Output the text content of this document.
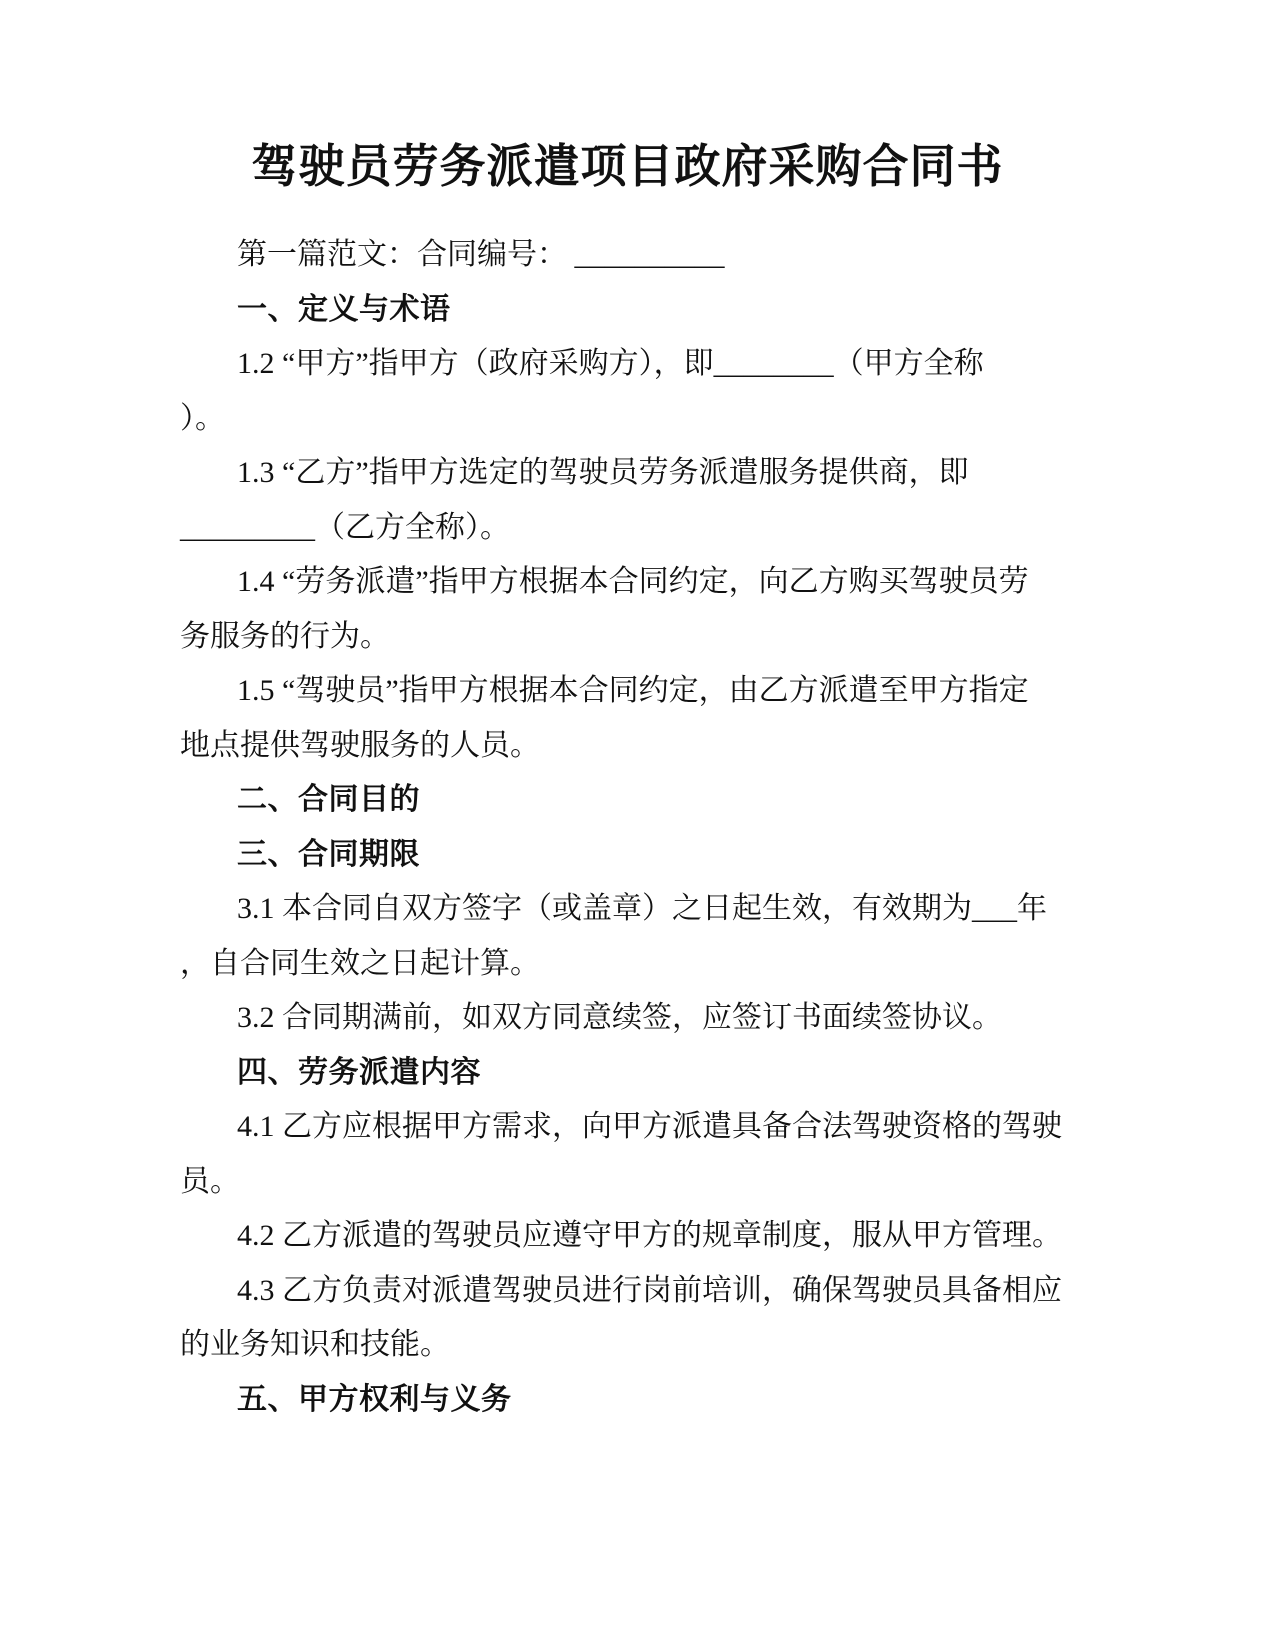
驾驶员劳务派遣项目政府采购合同书
第一篇范文：合同编号： __________
一、定义与术语
1.2 “甲方”指甲方（政府采购方），即________（甲方全称
）。
1.3 “乙方”指甲方选定的驾驶员劳务派遣服务提供商，即
_________（乙方全称）。
1.4 “劳务派遣”指甲方根据本合同约定，向乙方购买驾驶员劳
务服务的行为。
1.5 “驾驶员”指甲方根据本合同约定，由乙方派遣至甲方指定
地点提供驾驶服务的人员。
二、合同目的
三、合同期限
3.1 本合同自双方签字（或盖章）之日起生效，有效期为___年
，自合同生效之日起计算。
3.2 合同期满前，如双方同意续签，应签订书面续签协议。
四、劳务派遣内容
4.1 乙方应根据甲方需求，向甲方派遣具备合法驾驶资格的驾驶
员。
4.2 乙方派遣的驾驶员应遵守甲方的规章制度，服从甲方管理。
4.3 乙方负责对派遣驾驶员进行岗前培训，确保驾驶员具备相应
的业务知识和技能。
五、甲方权利与义务
